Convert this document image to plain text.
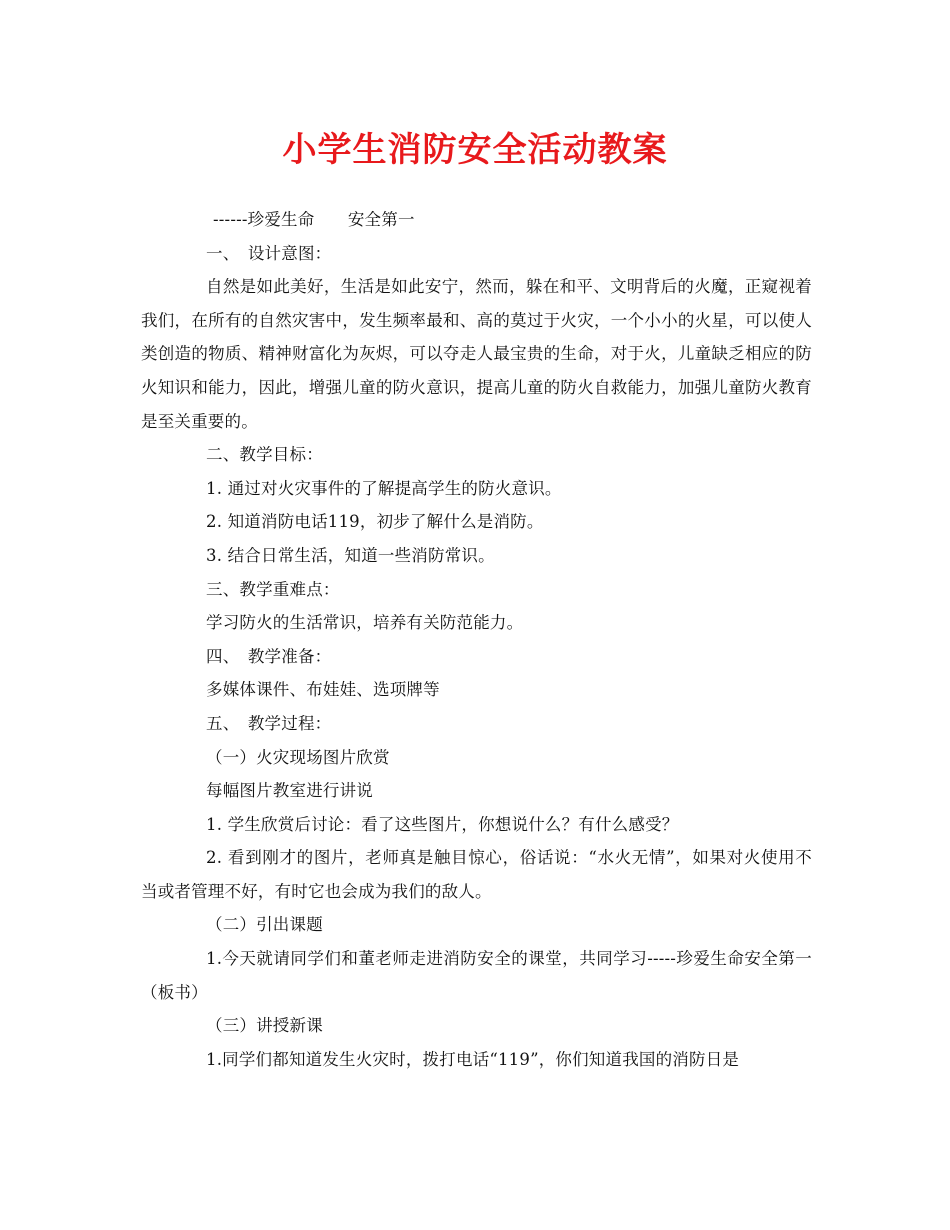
小学生消防安全活动教案

------珍爱生命　　安全第一

一、　设计意图：

自然是如此美好，生活是如此安宁，然而，躲在和平、文明背后的火魔，正窥视着我们，在所有的自然灾害中，发生频率最和、高的莫过于火灾，一个小小的火星，可以使人类创造的物质、精神财富化为灰烬，可以夺走人最宝贵的生命，对于火，儿童缺乏相应的防火知识和能力，因此，增强儿童的防火意识，提高儿童的防火自救能力，加强儿童防火教育是至关重要的。

二、教学目标：

1. 通过对火灾事件的了解提高学生的防火意识。

2. 知道消防电话119，初步了解什么是消防。

3. 结合日常生活，知道一些消防常识。

三、教学重难点：

学习防火的生活常识，培养有关防范能力。

四、　教学准备：

多媒体课件、布娃娃、选项牌等

五、　教学过程：

（一）火灾现场图片欣赏

每幅图片教室进行讲说

1. 学生欣赏后讨论：看了这些图片，你想说什么？有什么感受？

2. 看到刚才的图片，老师真是触目惊心，俗话说：“水火无情”，如果对火使用不当或者管理不好，有时它也会成为我们的敌人。

（二）引出课题

1.今天就请同学们和董老师走进消防安全的课堂，共同学习-----珍爱生命安全第一（板书）

（三）讲授新课

1.同学们都知道发生火灾时，拨打电话“119”，你们知道我国的消防日是
